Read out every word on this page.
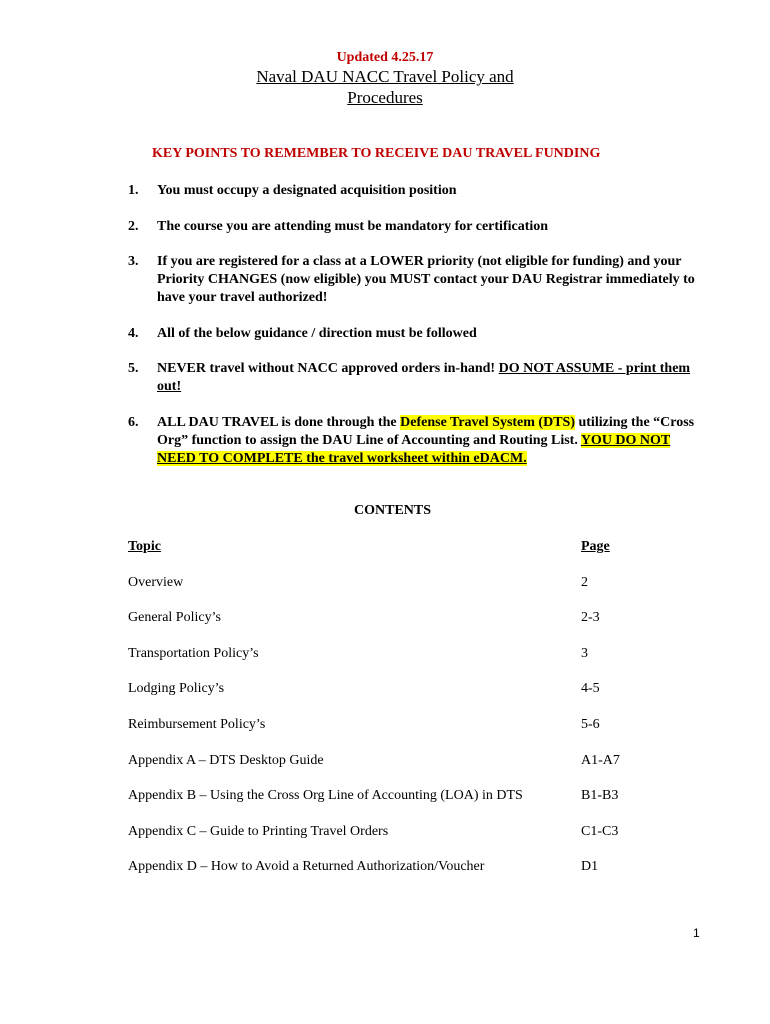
Updated 4.25.17
Naval DAU NACC Travel Policy and
Procedures
KEY POINTS TO REMEMBER TO RECEIVE DAU TRAVEL FUNDING
1.	You must occupy a designated acquisition position
2.	The course you are attending must be mandatory for certification
3.	If you are registered for a class at a LOWER priority (not eligible for funding) and your Priority CHANGES (now eligible) you MUST contact your DAU Registrar immediately to have your travel authorized!
4.	All of the below guidance / direction must be followed
5.	NEVER travel without NACC approved orders in-hand! DO NOT ASSUME - print them out!
6.	ALL DAU TRAVEL is done through the Defense Travel System (DTS) utilizing the “Cross Org” function to assign the DAU Line of Accounting and Routing List. YOU DO NOT NEED TO COMPLETE the travel worksheet within eDACM.
CONTENTS
Topic	Page
Overview	2
General Policy’s	2-3
Transportation Policy’s	3
Lodging Policy’s	4-5
Reimbursement Policy’s	5-6
Appendix A – DTS Desktop Guide	A1-A7
Appendix B – Using the Cross Org Line of Accounting (LOA) in DTS	B1-B3
Appendix C – Guide to Printing Travel Orders	C1-C3
Appendix D – How to Avoid a Returned Authorization/Voucher	D1
1
